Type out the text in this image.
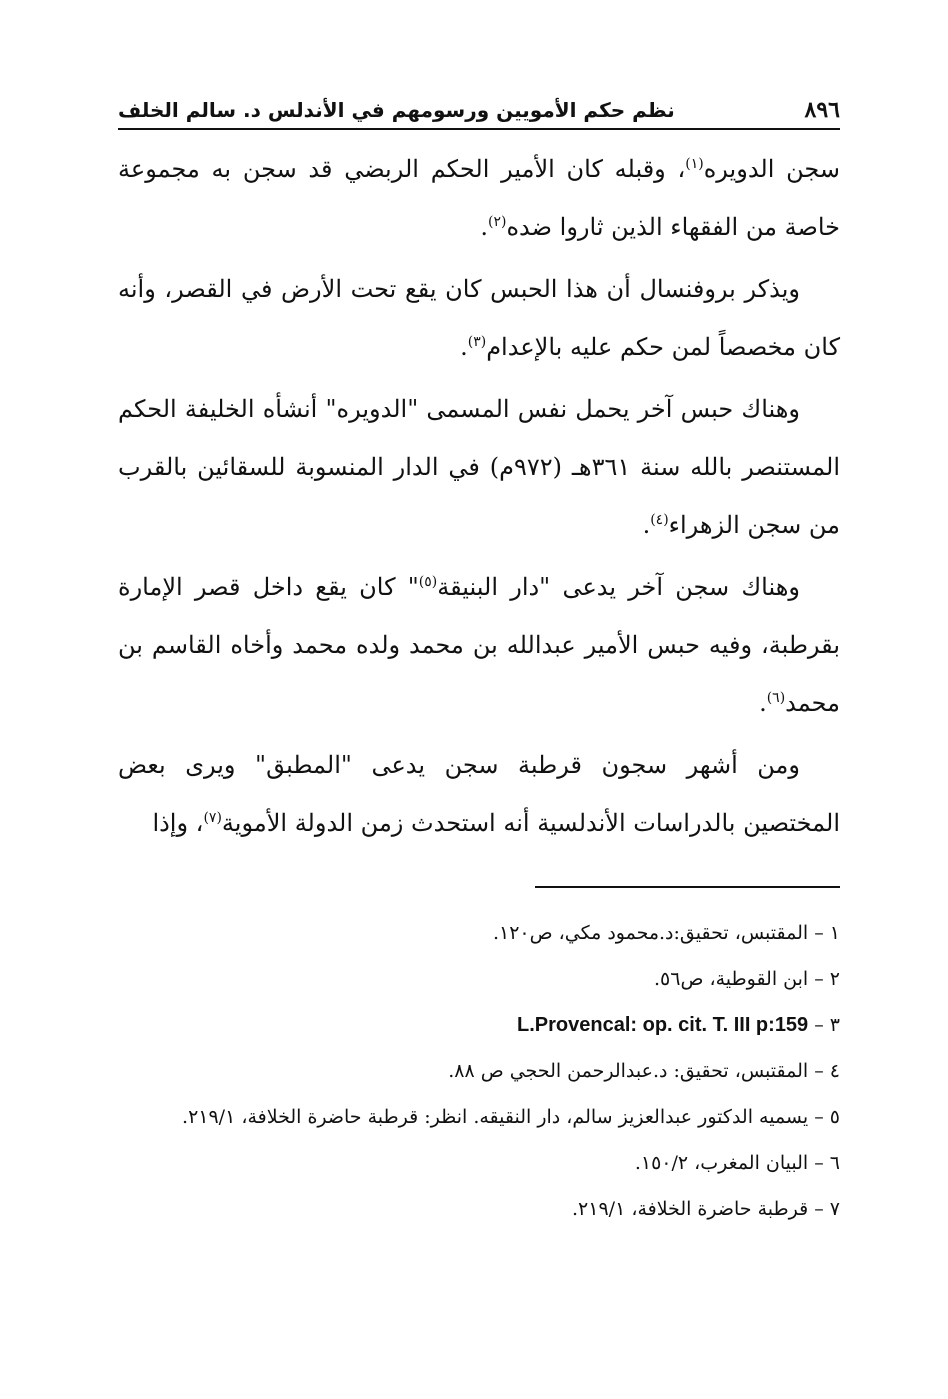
٨٩٦
نظم حكم الأمويين ورسومهم في الأندلس د. سالم الخلف

سجن الدويره$^{(١)}$، وقبله كان الأمير الحكم الربضي قد سجن به مجموعة خاصة من الفقهاء الذين ثاروا ضده$^{(٢)}$.

ويذكر بروفنسال أن هذا الحبس كان يقع تحت الأرض في القصر، وأنه كان مخصصاً لمن حكم عليه بالإعدام$^{(٣)}$.

وهناك حبس آخر يحمل نفس المسمى "الدويره" أنشأه الخليفة الحكم المستنصر بالله سنة ٣٦١هـ (٩٧٢م) في الدار المنسوبة للسقائين بالقرب من سجن الزهراء$^{(٤)}$.

وهناك سجن آخر يدعى "دار البنيقة$^{(٥)}$" كان يقع داخل قصر الإمارة بقرطبة، وفيه حبس الأمير عبدالله بن محمد ولده محمد وأخاه القاسم بن محمد$^{(٦)}$.

ومن أشهر سجون قرطبة سجن يدعى "المطبق" ويرى بعض المختصين بالدراسات الأندلسية أنه استحدث زمن الدولة الأموية$^{(٧)}$، وإذا

١ – المقتبس، تحقيق:د.محمود مكي، ص١٢٠.
٢ – ابن القوطية، ص٥٦.
٣ – L.Provencal: op. cit. T. III p:159
٤ – المقتبس، تحقيق: د.عبدالرحمن الحجي ص ٨٨.
٥ – يسميه الدكتور عبدالعزيز سالم، دار النقيقه. انظر: قرطبة حاضرة الخلافة، ٢١٩/١.
٦ – البيان المغرب، ١٥٠/٢.
٧ – قرطبة حاضرة الخلافة، ٢١٩/١.
